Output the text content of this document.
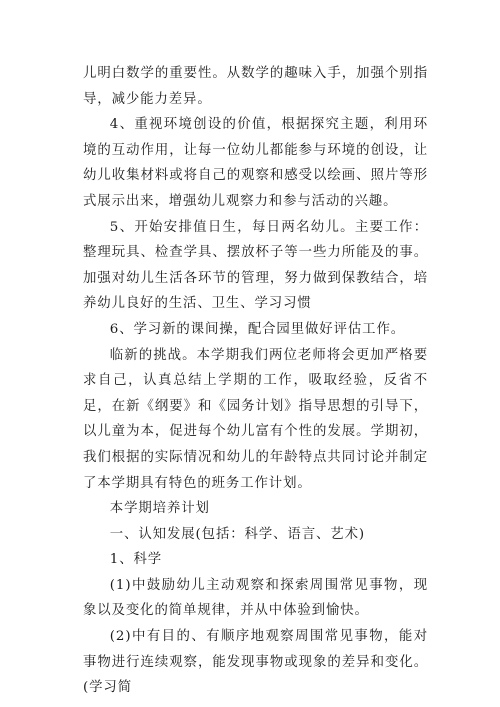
儿明白数学的重要性。从数学的趣味入手，加强个别指导，减少能力差异。

4、重视环境创设的价值，根据探究主题，利用环境的互动作用，让每一位幼儿都能参与环境的创设，让幼儿收集材料或将自己的观察和感受以绘画、照片等形式展示出来，增强幼儿观察力和参与活动的兴趣。

5、开始安排值日生，每日两名幼儿。主要工作：整理玩具、检查学具、摆放杯子等一些力所能及的事。加强对幼儿生活各环节的管理，努力做到保教结合，培养幼儿良好的生活、卫生、学习习惯

6、学习新的课间操，配合园里做好评估工作。

临新的挑战。本学期我们两位老师将会更加严格要求自己，认真总结上学期的工作，吸取经验，反省不足，在新《纲要》和《园务计划》指导思想的引导下，以儿童为本，促进每个幼儿富有个性的发展。学期初，我们根据的实际情况和幼儿的年龄特点共同讨论并制定了本学期具有特色的班务工作计划。

本学期培养计划

一、认知发展(包括：科学、语言、艺术)

1、科学

(1)中鼓励幼儿主动观察和探索周围常见事物，现象以及变化的简单规律，并从中体验到愉快。

(2)中有目的、有顺序地观察周围常见事物，能对事物进行连续观察，能发现事物或现象的差异和变化。(学习简
